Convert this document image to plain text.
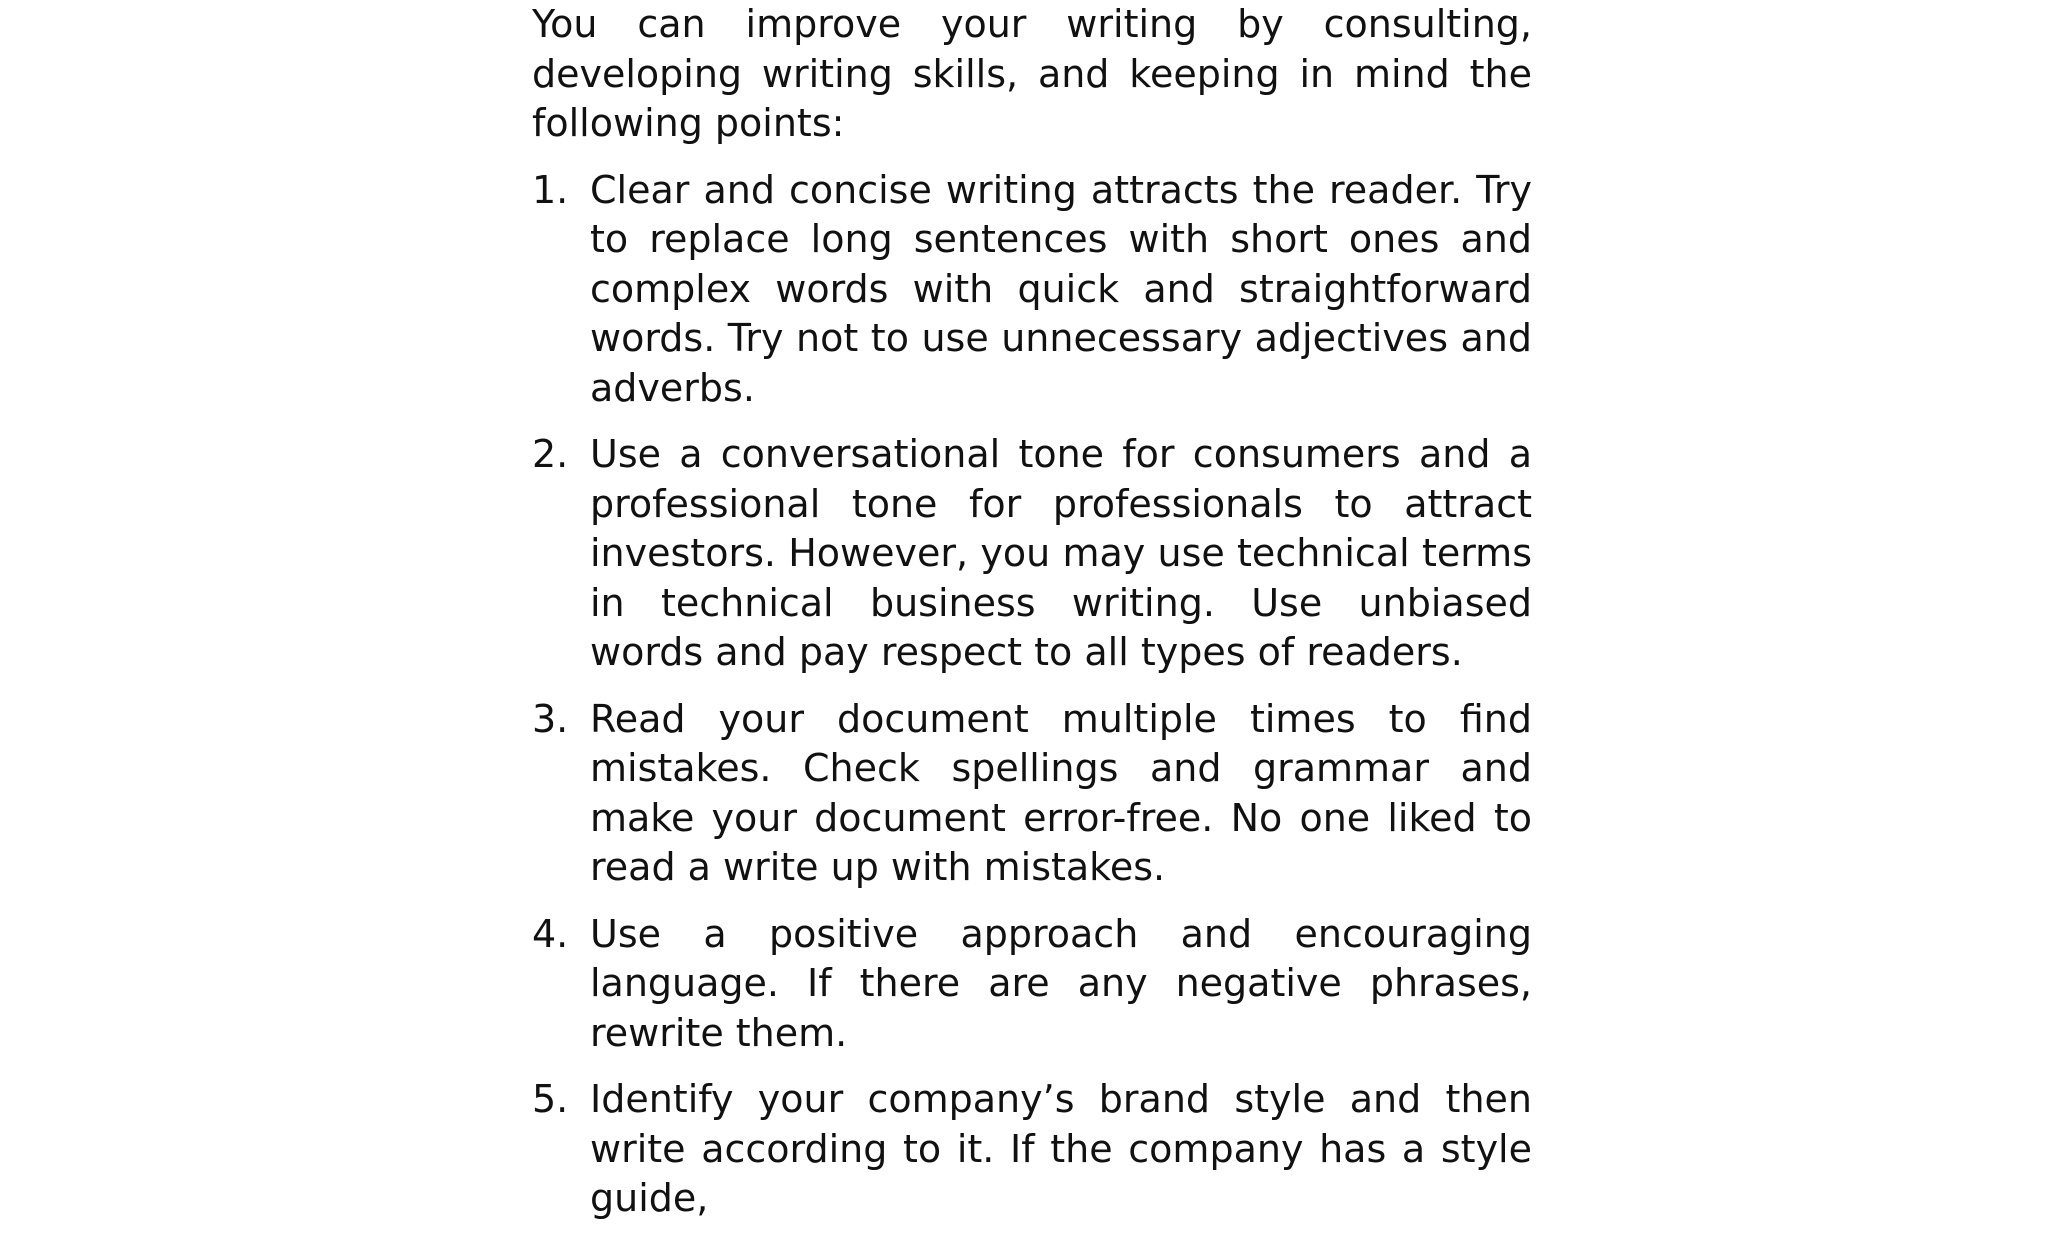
You can improve your writing by consulting, developing writing skills, and keeping in mind the following points:

1. Clear and concise writing attracts the reader. Try to replace long sentences with short ones and complex words with quick and straightforward words. Try not to use unnecessary adjectives and adverbs.
2. Use a conversational tone for consumers and a professional tone for professionals to attract investors. However, you may use technical terms in technical business writing. Use unbiased words and pay respect to all types of readers.
3. Read your document multiple times to find mistakes. Check spellings and grammar and make your document error-free. No one liked to read a write up with mistakes.
4. Use a positive approach and encouraging language. If there are any negative phrases, rewrite them.
5. Identify your company’s brand style and then write according to it. If the company has a style guide,
